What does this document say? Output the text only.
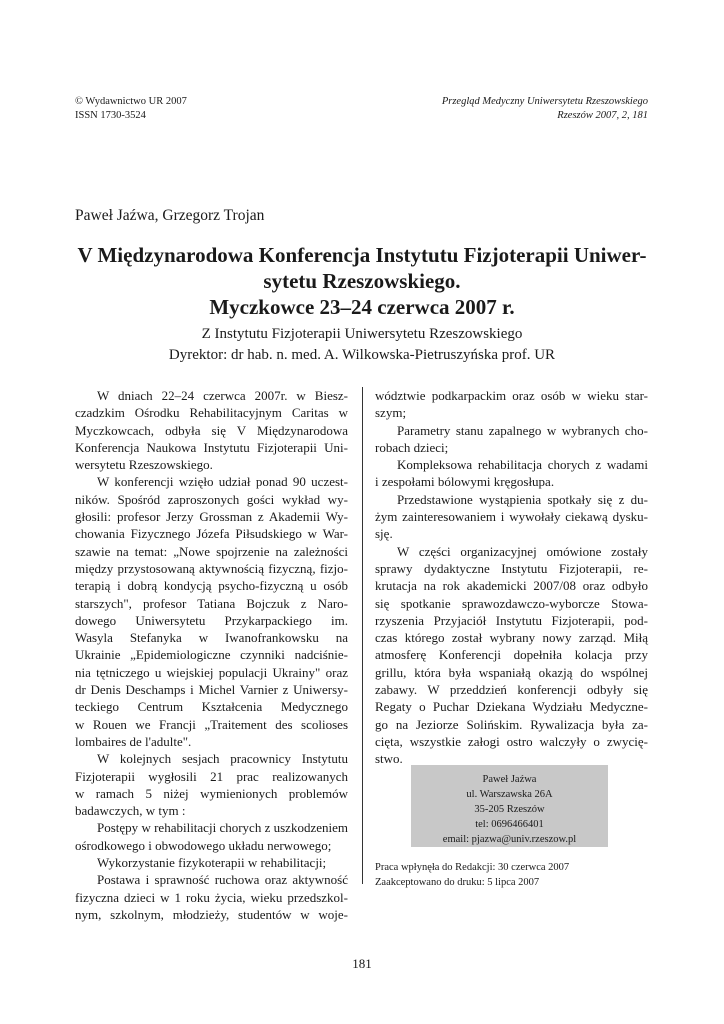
© Wydawnictwo UR 2007
ISSN 1730-3524
Przegląd Medyczny Uniwersytetu Rzeszowskiego
Rzeszów 2007, 2, 181
Paweł Jaźwa, Grzegorz Trojan
V Międzynarodowa Konferencja Instytutu Fizjoterapii Uniwer-
sytetu Rzeszowskiego.
Myczkowce 23–24 czerwca 2007 r.
Z Instytutu Fizjoterapii Uniwersytetu Rzeszowskiego
Dyrektor: dr hab. n. med. A. Wilkowska-Pietruszyńska prof. UR
W dniach 22–24 czerwca 2007r. w Biesz-
czadzkim Ośrodku Rehabilitacyjnym Caritas w
Myczkowcach, odbyła się V Międzynarodowa
Konferencja Naukowa Instytutu Fizjoterapii Uni-
wersytetu Rzeszowskiego.
W konferencji wzięło udział ponad 90 uczest-
ników. Spośród zaproszonych gości wykład wy-
głosili: profesor Jerzy Grossman z Akademii Wy-
chowania Fizycznego Józefa Piłsudskiego w War-
szawie na temat: „Nowe spojrzenie na zależności
między przystosowaną aktywnością fizyczną, fizjo-
terapią i dobrą kondycją psycho-fizyczną u osób
starszych", profesor Tatiana Bojczuk z Naro-
dowego Uniwersytetu Przykarpackiego im.
Wasyla Stefanyka w Iwanofrankowsku na
Ukrainie „Epidemiologiczne czynniki nadciśnie-
nia tętniczego u wiejskiej populacji Ukrainy" oraz
dr Denis Deschamps i Michel Varnier z Uniwersy-
teckiego Centrum Kształcenia Medycznego
w Rouen we Francji „Traitement des scolioses
lombaires de l'adulte".
W kolejnych sesjach pracownicy Instytutu
Fizjoterapii wygłosili 21 prac realizowanych
w ramach 5 niżej wymienionych problemów
badawczych, w tym :
Postępy w rehabilitacji chorych z uszkodzeniem
ośrodkowego i obwodowego układu nerwowego;
Wykorzystanie fizykoterapii w rehabilitacji;
Postawa i sprawność ruchowa oraz aktywność
fizyczna dzieci w 1 roku życia, wieku przedszkol-
nym, szkolnym, młodzieży, studentów w woje-
wództwie podkarpackim oraz osób w wieku star-
szym;
Parametry stanu zapalnego w wybranych cho-
robach dzieci;
Kompleksowa rehabilitacja chorych z wadami
i zespołami bólowymi kręgosłupa.
Przedstawione wystąpienia spotkały się z du-
żym zainteresowaniem i wywołały ciekawą dysku-
sję.
W części organizacyjnej omówione zostały
sprawy dydaktyczne Instytutu Fizjoterapii, re-
krutacja na rok akademicki 2007/08 oraz odbyło
się spotkanie sprawozdawczo-wyborcze Stowa-
rzyszenia Przyjaciół Instytutu Fizjoterapii, pod-
czas którego został wybrany nowy zarząd. Miłą
atmosferę Konferencji dopełniła kolacja przy
grillu, która była wspaniałą okazją do wspólnej
zabawy. W przeddzień konferencji odbyły się
Regaty o Puchar Dziekana Wydziału Medyczne-
go na Jeziorze Solińskim. Rywalizacja była za-
cięta, wszystkie załogi ostro walczyły o zwycię-
stwo.
Paweł Jaźwa
ul. Warszawska 26A
35-205 Rzeszów
tel: 0696466401
email: pjazwa@univ.rzeszow.pl
Praca wpłynęła do Redakcji: 30 czerwca 2007
Zaakceptowano do druku: 5 lipca 2007
181
